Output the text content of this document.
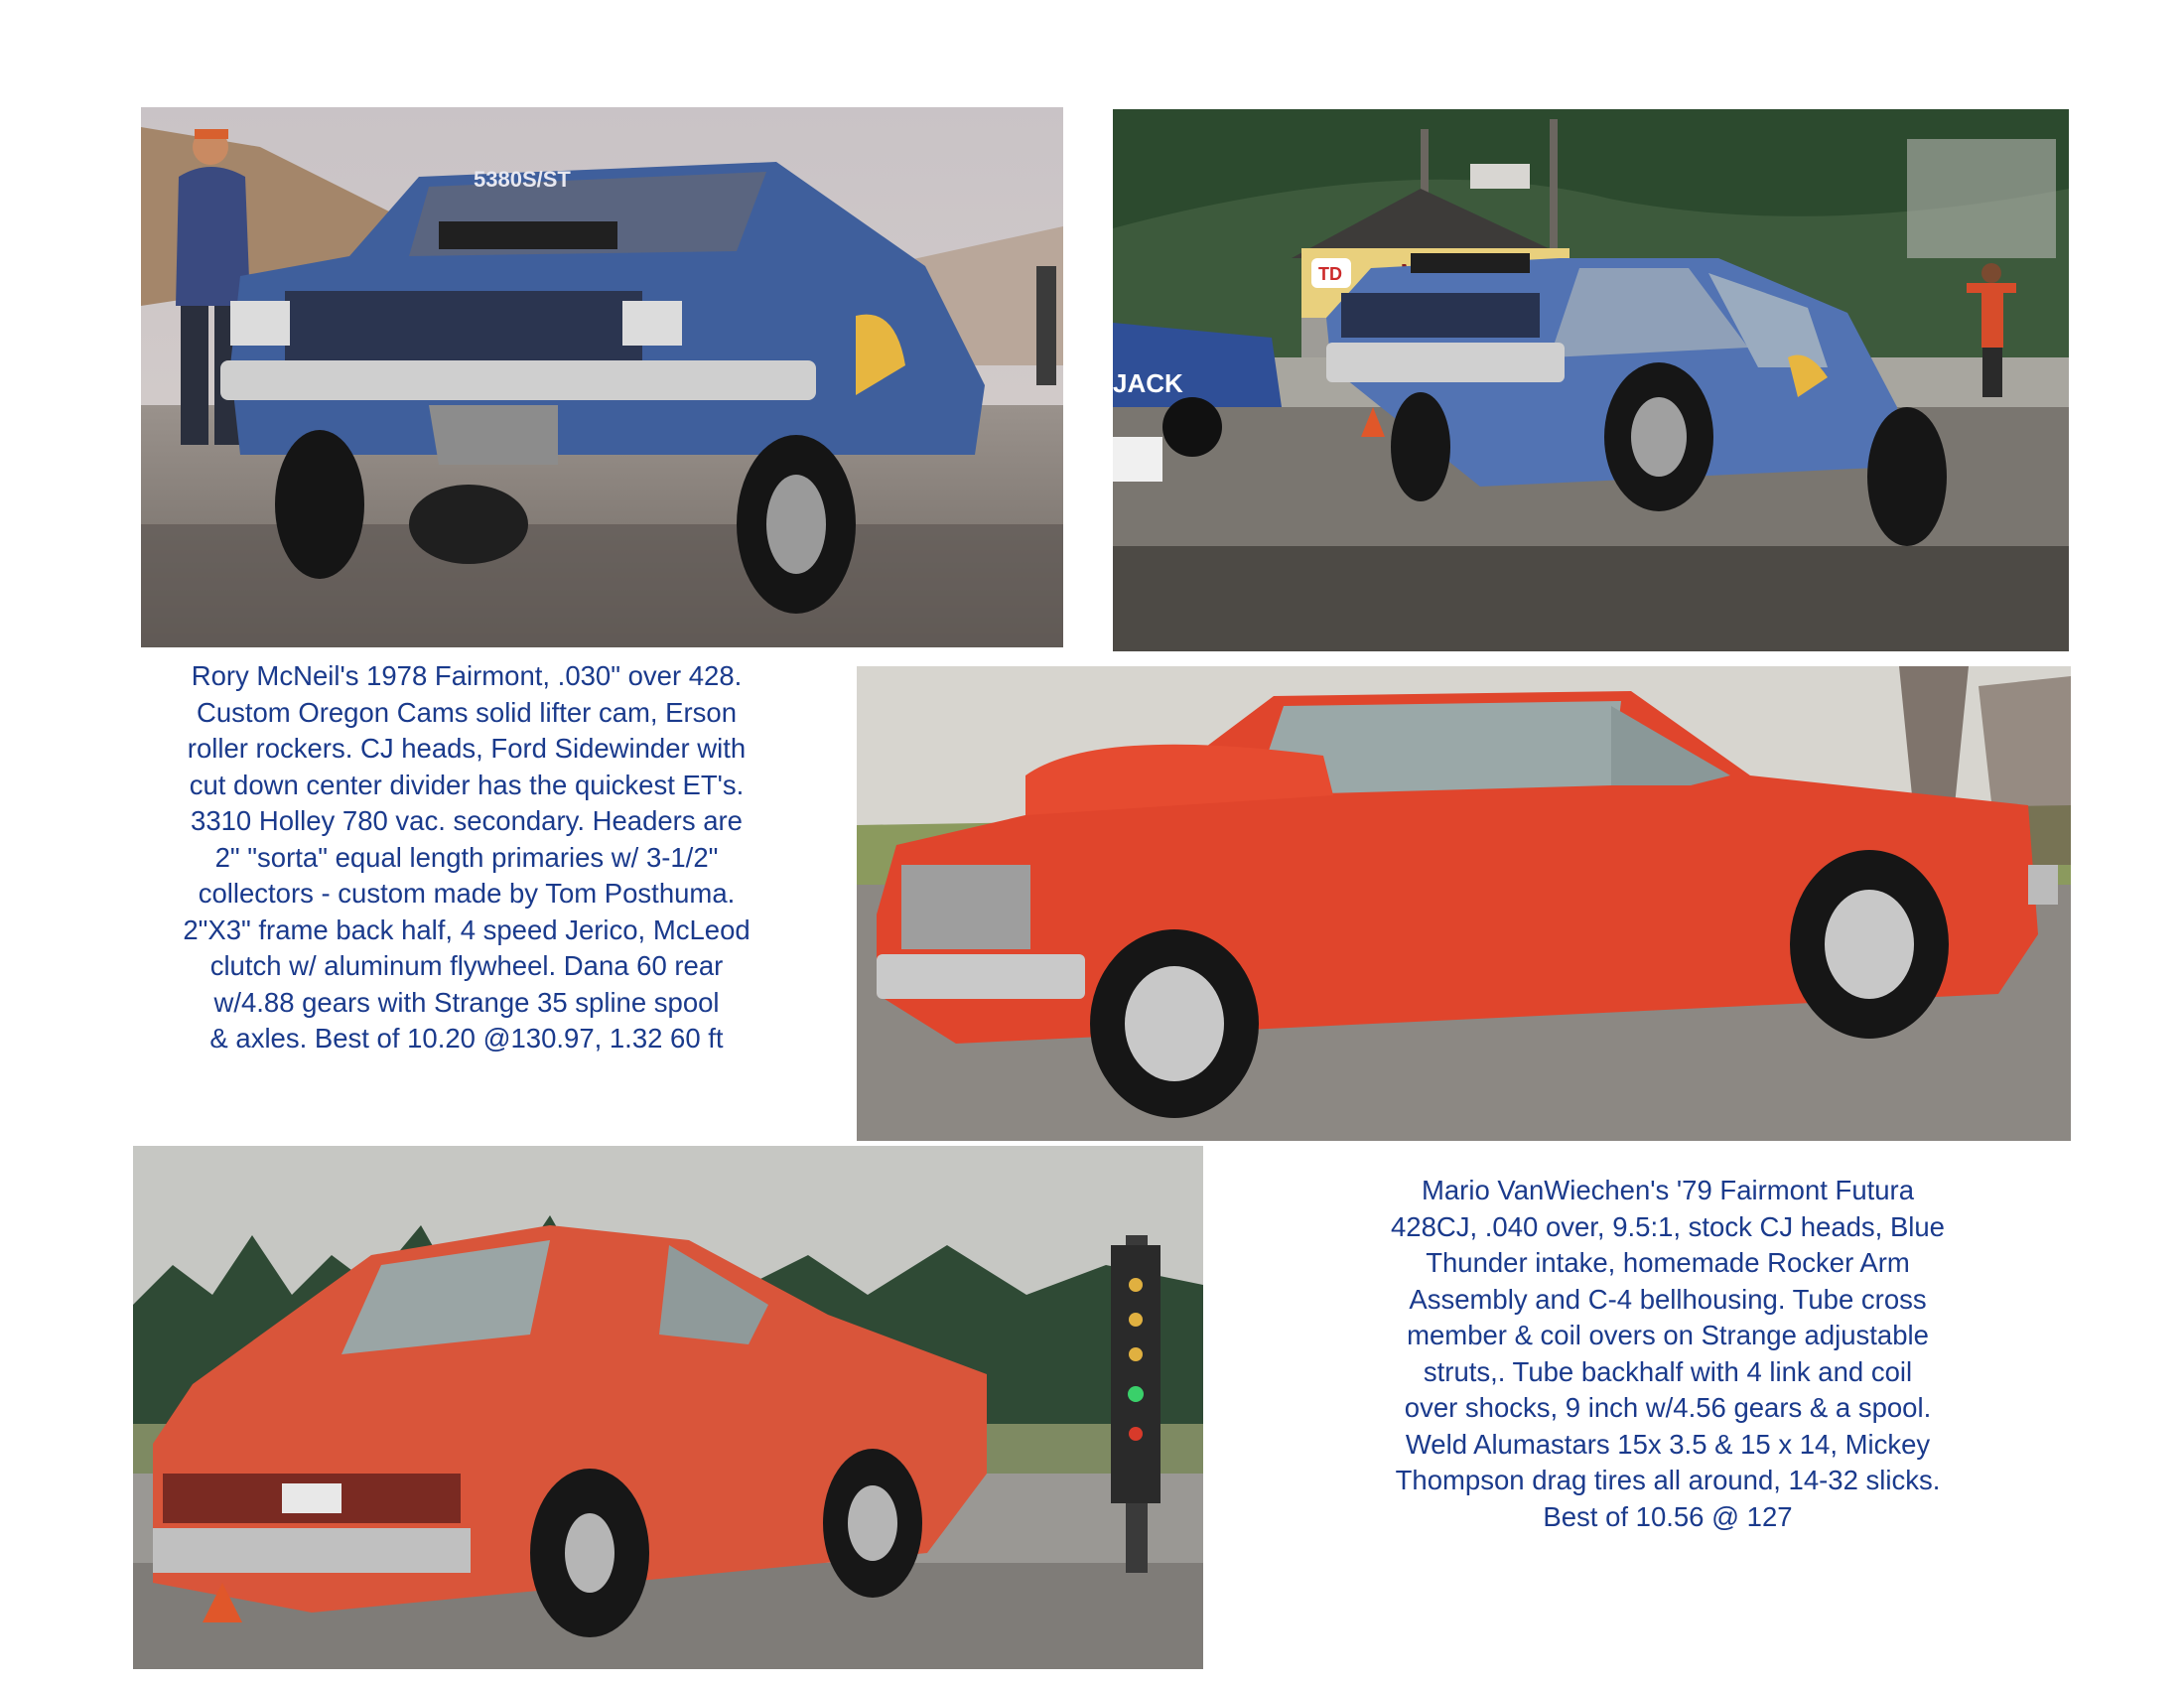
5380S/ST
TD
JACK
Rory McNeil's 1978 Fairmont, .030" over 428.
Custom Oregon Cams solid lifter cam, Erson
roller rockers. CJ heads, Ford Sidewinder with
cut down center divider has the quickest ET's.
3310 Holley 780 vac. secondary. Headers are
2" "sorta" equal length primaries w/ 3-1/2"
collectors - custom made by Tom Posthuma.
2"X3" frame back half, 4 speed Jerico, McLeod
clutch w/ aluminum flywheel. Dana 60 rear
w/4.88 gears with Strange 35 spline spool
& axles. Best of 10.20 @130.97, 1.32 60 ft
Mario VanWiechen's '79 Fairmont Futura
428CJ, .040 over, 9.5:1, stock CJ heads, Blue
Thunder intake, homemade Rocker Arm
Assembly and C-4 bellhousing. Tube cross
member & coil overs on Strange adjustable
struts,. Tube backhalf with 4 link and coil
over shocks, 9 inch w/4.56 gears & a spool.
Weld Alumastars 15x 3.5 & 15 x 14, Mickey
Thompson drag tires all around, 14-32 slicks.
Best of 10.56 @ 127
